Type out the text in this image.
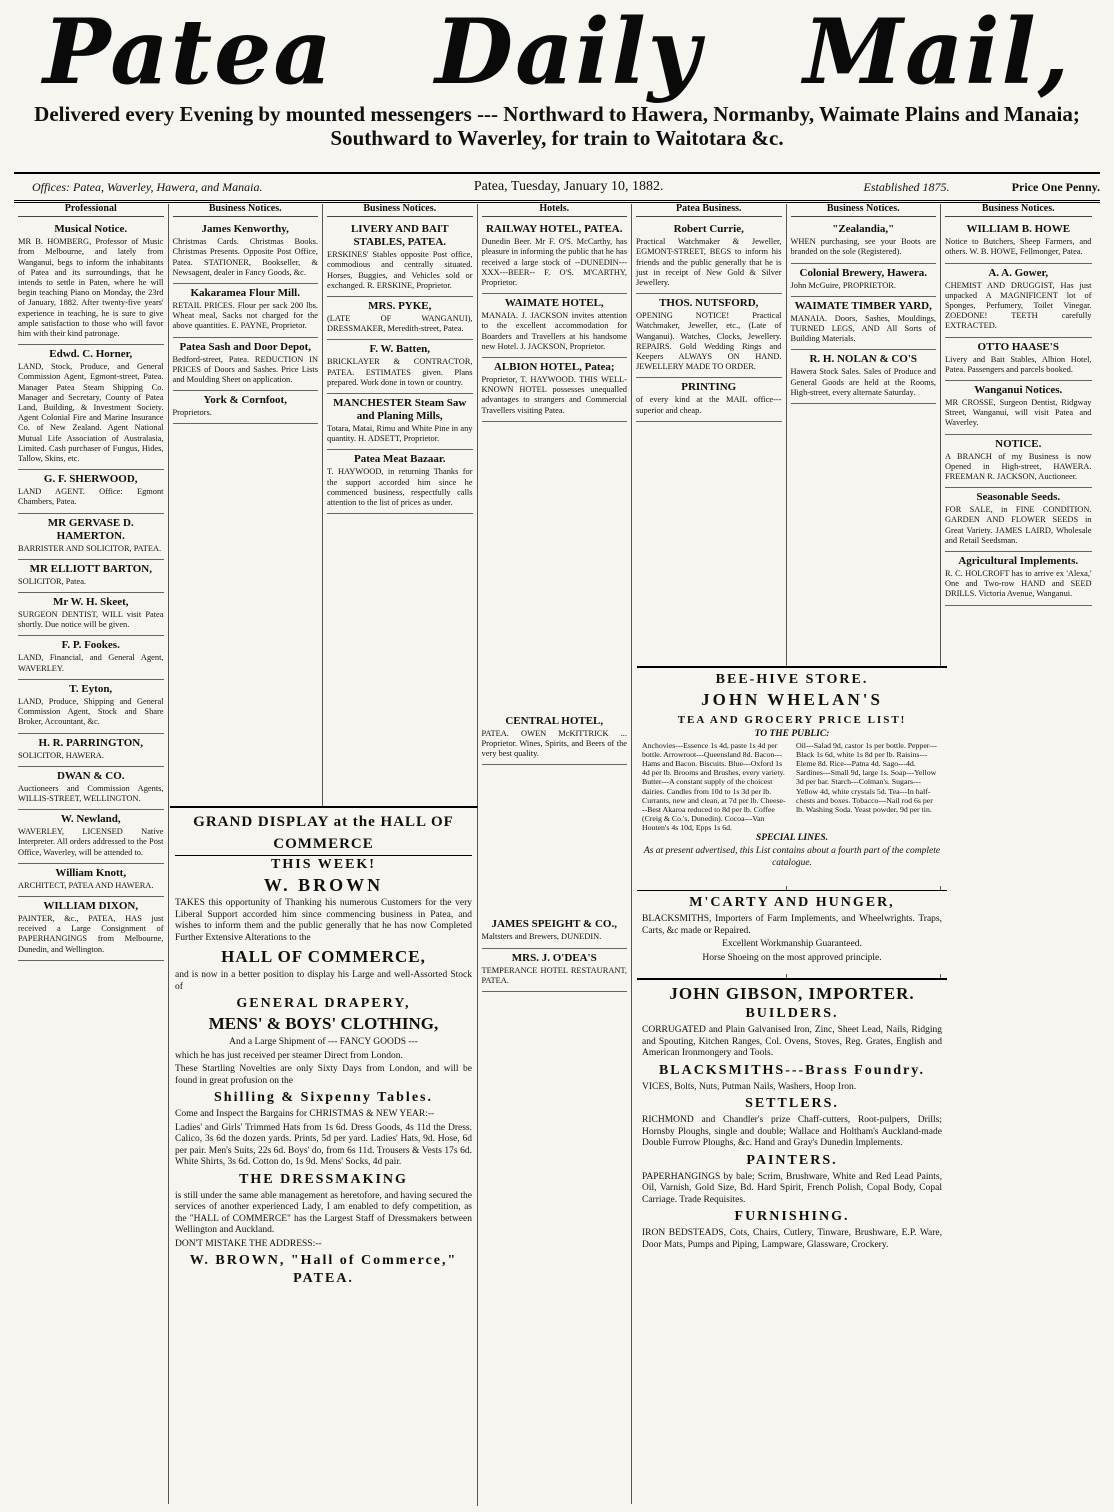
Patea Daily Mail,
Delivered every Evening by mounted messengers --- Northward to Hawera, Normanby, Waimate Plains and Manaia; Southward to Waverley, for train to Waitotara &c.
Offices: Patea, Waverley, Hawera, and Manaia.	Patea, Tuesday, January 10, 1882.	Established 1875.	Price One Penny.
Professional
Musical Notice.

MR B. HOMBERG, Professor of Music from Melbourne, and lately from Wanganui, begs to inform the inhabitants of Patea and its surroundings, that he intends to settle in Paten, where he will begin teaching Piano on Monday, the 23rd of January, 1882. After twenty-five years' experience in teaching, he is sure to give ample satisfaction to those who will favor him with their kind patronage.

Edwd. C. Horner,

LAND, Stock, Produce, and General Commission Agent, Egmont-street, Patea. Manager Patea Steam Shipping Co. Manager and Secretary, County of Patea Land, Building, & Investment Society. Agent Colonial Fire and Marine Insurance Co. of New Zealand. Agent National Mutual Life Association of Australasia, Limited. Cash purchaser of Fungus, Hides, Tallow, Skins, etc.

G. F. SHERWOOD,

LAND AGENT. Office: Egmont Chambers, Patea.

MR GERVASE D. HAMERTON.

BARRISTER AND SOLICITOR, PATEA.

MR ELLIOTT BARTON,

SOLICITOR, Patea.

Mr W. H. Skeet,

SURGEON DENTIST, WILL visit Patea shortly. Due notice will be given.

F. P. Fookes.

LAND, Financial, and General Agent, WAVERLEY.

T. Eyton,

LAND, Produce, Shipping and General Commission Agent, Stock and Share Broker, Accountant, &c.

H. R. PARRINGTON,

SOLICITOR, HAWERA.

DWAN & CO.

Auctioneers and Commission Agents, WILLIS-STREET, WELLINGTON.

W. Newland,

WAVERLEY, LICENSED Native Interpreter. All orders addressed to the Post Office, Waverley, will be attended to.

William Knott,

ARCHITECT, PATEA AND HAWERA.

WILLIAM DIXON,

PAINTER, &c., PATEA, HAS just received a Large Consignment of PAPERHANGINGS from Melbourne, Dunedin, and Wellington.

Business Notices.
James Kenworthy,

Christmas Cards. Christmas Books. Christmas Presents. Opposite Post Office, Patea. STATIONER, Bookseller, & Newsagent, dealer in Fancy Goods, &c.

Kakaramea Flour Mill.

RETAIL PRICES. Flour per sack 200 lbs. Wheat meal, Sacks not charged for the above quantities. E. PAYNE, Proprietor.

Patea Sash and Door Depot,

Bedford-street, Patea. REDUCTION IN PRICES of Doors and Sashes. Price Lists and Moulding Sheet on application.

York & Cornfoot,

Proprietors.

Business Notices.
LIVERY AND BAIT STABLES, PATEA.

ERSKINES' Stables opposite Post office, commodious and centrally situated. Horses, Buggies, and Vehicles sold or exchanged. R. ERSKINE, Proprietor.

MRS. PYKE,

(LATE OF WANGANUI), DRESSMAKER, Meredith-street, Patea.

F. W. Batten,

BRICKLAYER & CONTRACTOR, PATEA. ESTIMATES given. Plans prepared. Work done in town or country.

MANCHESTER Steam Saw and Planing Mills,

Totara, Matai, Rimu and White Pine in any quantity. H. ADSETT, Proprietor.

Patea Meat Bazaar.

T. HAYWOOD, in returning Thanks for the support accorded him since he commenced business, respectfully calls attention to the list of prices as under.

Hotels.
RAILWAY HOTEL, PATEA.

Dunedin Beer. Mr F. O'S. McCarthy, has pleasure in informing the public that he has received a large stock of --DUNEDIN---XXX---BEER-- F. O'S. M'CARTHY, Proprietor.

WAIMATE HOTEL,

MANAIA. J. JACKSON invites attention to the excellent accommodation for Boarders and Travellers at his handsome new Hotel. J. JACKSON, Proprietor.

ALBION HOTEL, Patea;

Proprietor, T. HAYWOOD. THIS WELL-KNOWN HOTEL possesses unequalled advantages to strangers and Commercial Travellers visiting Patea.

CENTRAL HOTEL,

PATEA. OWEN McKITTRICK ... Proprietor. Wines, Spirits, and Beers of the very best quality.

JAMES SPEIGHT & CO.,

Maltsters and Brewers, DUNEDIN.

MRS. J. O'DEA'S

TEMPERANCE HOTEL RESTAURANT, PATEA.

Patea Business.
Robert Currie,

Practical Watchmaker & Jeweller, EGMONT-STREET, BEGS to inform his friends and the public generally that he is just in receipt of New Gold & Silver Jewellery.

THOS. NUTSFORD,

OPENING NOTICE! Practical Watchmaker, Jeweller, etc., (Late of Wanganui). Watches, Clocks, Jewellery. REPAIRS. Gold Wedding Rings and Keepers ALWAYS ON HAND. JEWELLERY MADE TO ORDER.

PRINTING

of every kind at the MAIL office---superior and cheap.

Business Notices.
"Zealandia,"

WHEN purchasing, see your Boots are branded on the sole (Registered).

Colonial Brewery, Hawera.

John McGuire, PROPRIETOR.

WAIMATE TIMBER YARD,

MANAIA. Doors, Sashes, Mouldings, TURNED LEGS, AND All Sorts of Building Materials.

R. H. NOLAN & CO'S

Hawera Stock Sales. Sales of Produce and General Goods are held at the Rooms, High-street, every alternate Saturday.

Business Notices.
WILLIAM B. HOWE

Notice to Butchers, Sheep Farmers, and others. W. B. HOWE, Fellmonger, Patea.

A. A. Gower,

CHEMIST AND DRUGGIST, Has just unpacked A MAGNIFICENT lot of Sponges, Perfumery, Toilet Vinegar. ZOEDONE! TEETH carefully EXTRACTED.

OTTO HAASE'S

Livery and Bait Stables, Albion Hotel, Patea. Passengers and parcels booked.

Wanganui Notices.

MR CROSSE, Surgeon Dentist, Ridgway Street, Wanganui, will visit Patea and Waverley.

NOTICE.

A BRANCH of my Business is now Opened in High-street, HAWERA. FREEMAN R. JACKSON, Auctioneer.

Seasonable Seeds.

FOR SALE, in FINE CONDITION. GARDEN AND FLOWER SEEDS in Great Variety. JAMES LAIRD, Wholesale and Retail Seedsman.

Agricultural Implements.

R. C. HOLCROFT has to arrive ex 'Alexa,' One and Two-row HAND and SEED DRILLS. Victoria Avenue, Wanganui.

GRAND DISPLAY at the HALL OF COMMERCE
THIS WEEK!
W. BROWN

TAKES this opportunity of Thanking his numerous Customers for the very Liberal Support accorded him since commencing business in Patea, and wishes to inform them and the public generally that he has now Completed Further Extensive Alterations to the

HALL OF COMMERCE,

and is now in a better position to display his Large and well-Assorted Stock of

GENERAL DRAPERY,
MENS' & BOYS' CLOTHING,

And a Large Shipment of --- FANCY GOODS ---

which he has just received per steamer Direct from London.

These Startling Novelties are only Sixty Days from London, and will be found in great profusion on the

Shilling & Sixpenny Tables.

Come and Inspect the Bargains for CHRISTMAS & NEW YEAR:--

Ladies' and Girls' Trimmed Hats from 1s 6d. Dress Goods, 4s 11d the Dress. Calico, 3s 6d the dozen yards. Prints, 5d per yard. Ladies' Hats, 9d. Hose, 6d per pair. Men's Suits, 22s 6d. Boys' do, from 6s 11d. Trousers & Vests 17s 6d. White Shirts, 3s 6d. Cotton do, 1s 9d. Mens' Socks, 4d pair.

THE DRESSMAKING

is still under the same able management as heretofore, and having secured the services of another experienced Lady, I am enabled to defy competition, as the "HALL of COMMERCE" has the Largest Staff of Dressmakers between Wellington and Auckland.

DON'T MISTAKE THE ADDRESS:--

W. BROWN, "Hall of Commerce," PATEA.
BEE-HIVE STORE.
JOHN WHELAN'S
TEA AND GROCERY PRICE LIST!
TO THE PUBLIC:
Anchovies---Essence 1s 4d, paste 1s 4d per bottle. Arrowroot---Queensland 8d. Bacon---Hams and Bacon. Biscuits. Blue---Oxford 1s 4d per lb. Brooms and Brushes, every variety. Butter---A constant supply of the choicest dairies. Candles from 10d to 1s 3d per lb. Currants, new and clean, at 7d per lb. Cheese---Best Akaroa reduced to 8d per lb. Coffee (Creig & Co.'s, Dunedin). Cocoa---Van Houten's 4s 10d, Epps 1s 6d.
Oil---Salad 9d, castor 1s per bottle. Pepper---Black 1s 6d, white 1s 8d per lb. Raisins---Eleme 8d. Rice---Patna 4d. Sago---4d. Sardines---Small 9d, large 1s. Soap---Yellow 3d per bar. Starch---Colman's. Sugars---Yellow 4d, white crystals 5d. Tea---In half-chests and boxes. Tobacco---Nail rod 6s per lb. Washing Soda. Yeast powder, 9d per tin.
SPECIAL LINES.

As at present advertised, this List contains about a fourth part of the complete catalogue.

M'CARTY AND HUNGER,

BLACKSMITHS, Importers of Farm Implements, and Wheelwrights. Traps, Carts, &c made or Repaired.

Excellent Workmanship Guaranteed.

Horse Shoeing on the most approved principle.

JOHN GIBSON, IMPORTER.
BUILDERS.

CORRUGATED and Plain Galvanised Iron, Zinc, Sheet Lead, Nails, Ridging and Spouting, Kitchen Ranges, Col. Ovens, Stoves, Reg. Grates, English and American Ironmongery and Tools.

BLACKSMITHS---Brass Foundry.

VICES, Bolts, Nuts, Putman Nails, Washers, Hoop Iron.

SETTLERS.

RICHMOND and Chandler's prize Chaff-cutters, Root-pulpers, Drills; Hornsby Ploughs, single and double; Wallace and Holtham's Auckland-made Double Furrow Ploughs, &c. Hand and Gray's Dunedin Implements.

PAINTERS.

PAPERHANGINGS by bale; Scrim, Brushware, White and Red Lead Paints, Oil, Varnish, Gold Size, Bd. Hard Spirit, French Polish, Copal Body, Copal Carriage. Trade Requisites.

FURNISHING.

IRON BEDSTEADS, Cots, Chairs, Cutlery, Tinware, Brushware, E.P. Ware, Door Mats, Pumps and Piping, Lampware, Glassware, Crockery.
